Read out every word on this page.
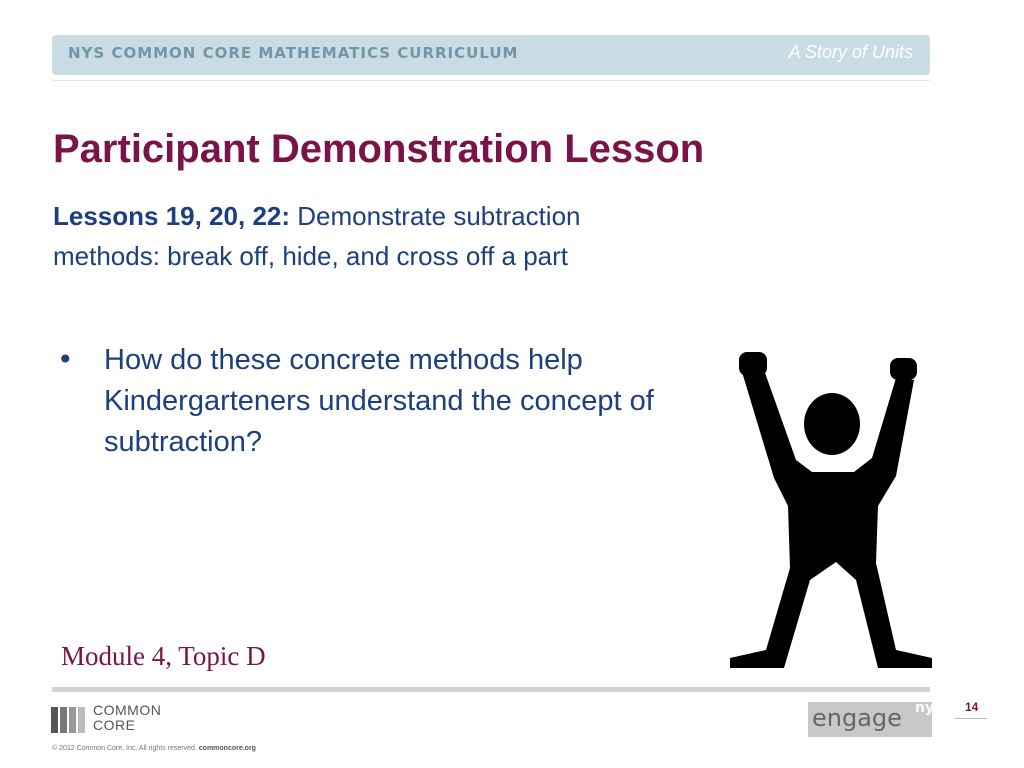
NYS COMMON CORE MATHEMATICS CURRICULUM	A Story of Units
Participant Demonstration Lesson

Lessons 19, 20, 22: Demonstrate subtraction methods: break off, hide, and cross off a part

•	How do these concrete methods help Kindergarteners understand the concept of subtraction?
Module 4, Topic D
COMMON
CORE	engage ny	14
© 2012 Common Core, Inc. All rights reserved. commoncore.org
